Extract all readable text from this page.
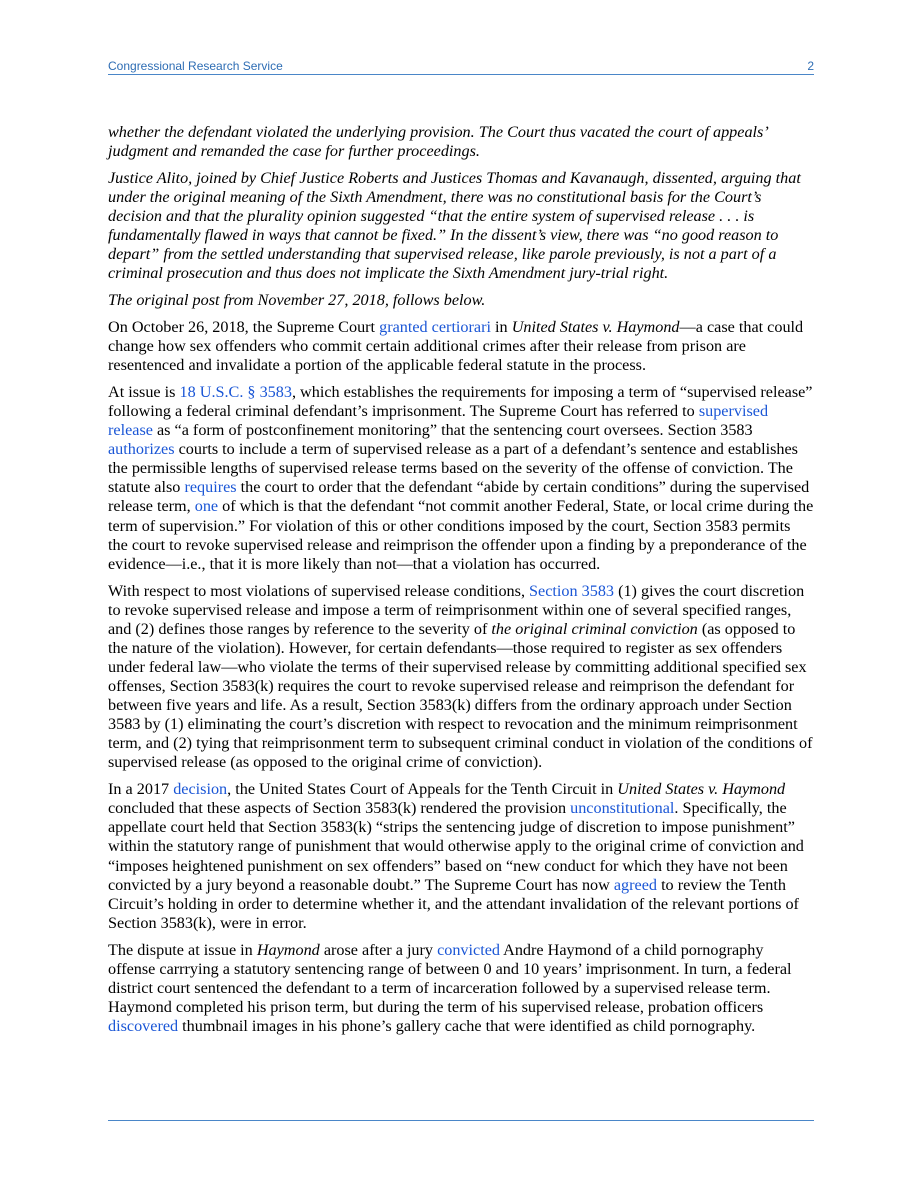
Congressional Research Service	2

whether the defendant violated the underlying provision. The Court thus vacated the court of appeals’ judgment and remanded the case for further proceedings.

Justice Alito, joined by Chief Justice Roberts and Justices Thomas and Kavanaugh, dissented, arguing that under the original meaning of the Sixth Amendment, there was no constitutional basis for the Court’s decision and that the plurality opinion suggested “that the entire system of supervised release . . . is fundamentally flawed in ways that cannot be fixed.” In the dissent’s view, there was “no good reason to depart” from the settled understanding that supervised release, like parole previously, is not a part of a criminal prosecution and thus does not implicate the Sixth Amendment jury-trial right.

The original post from November 27, 2018, follows below.

On October 26, 2018, the Supreme Court granted certiorari in United States v. Haymond—a case that could change how sex offenders who commit certain additional crimes after their release from prison are resentenced and invalidate a portion of the applicable federal statute in the process.

At issue is 18 U.S.C. § 3583, which establishes the requirements for imposing a term of “supervised release” following a federal criminal defendant’s imprisonment. The Supreme Court has referred to supervised release as “a form of postconfinement monitoring” that the sentencing court oversees. Section 3583 authorizes courts to include a term of supervised release as a part of a defendant’s sentence and establishes the permissible lengths of supervised release terms based on the severity of the offense of conviction. The statute also requires the court to order that the defendant “abide by certain conditions” during the supervised release term, one of which is that the defendant “not commit another Federal, State, or local crime during the term of supervision.” For violation of this or other conditions imposed by the court, Section 3583 permits the court to revoke supervised release and reimprison the offender upon a finding by a preponderance of the evidence—i.e., that it is more likely than not—that a violation has occurred.

With respect to most violations of supervised release conditions, Section 3583 (1) gives the court discretion to revoke supervised release and impose a term of reimprisonment within one of several specified ranges, and (2) defines those ranges by reference to the severity of the original criminal conviction (as opposed to the nature of the violation). However, for certain defendants—those required to register as sex offenders under federal law—who violate the terms of their supervised release by committing additional specified sex offenses, Section 3583(k) requires the court to revoke supervised release and reimprison the defendant for between five years and life. As a result, Section 3583(k) differs from the ordinary approach under Section 3583 by (1) eliminating the court’s discretion with respect to revocation and the minimum reimprisonment term, and (2) tying that reimprisonment term to subsequent criminal conduct in violation of the conditions of supervised release (as opposed to the original crime of conviction).

In a 2017 decision, the United States Court of Appeals for the Tenth Circuit in United States v. Haymond concluded that these aspects of Section 3583(k) rendered the provision unconstitutional. Specifically, the appellate court held that Section 3583(k) “strips the sentencing judge of discretion to impose punishment” within the statutory range of punishment that would otherwise apply to the original crime of conviction and “imposes heightened punishment on sex offenders” based on “new conduct for which they have not been convicted by a jury beyond a reasonable doubt.” The Supreme Court has now agreed to review the Tenth Circuit’s holding in order to determine whether it, and the attendant invalidation of the relevant portions of Section 3583(k), were in error.

The dispute at issue in Haymond arose after a jury convicted Andre Haymond of a child pornography offense carrrying a statutory sentencing range of between 0 and 10 years’ imprisonment. In turn, a federal district court sentenced the defendant to a term of incarceration followed by a supervised release term. Haymond completed his prison term, but during the term of his supervised release, probation officers discovered thumbnail images in his phone’s gallery cache that were identified as child pornography.
